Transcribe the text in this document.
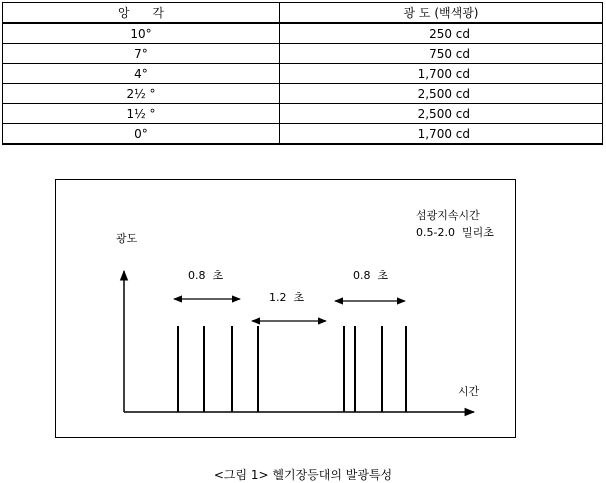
앙      각	광 도 (백색광)
10°	250 cd
7°	750 cd
4°	1,700 cd
2½ °	2,500 cd
1½ °	2,500 cd
0°	1,700 cd
광도
시간
섬광지속시간
0.5-2.0  밀리초
0.8  초
1.2  초
0.8  초
<그림 1> 헬기장등대의 발광특성
